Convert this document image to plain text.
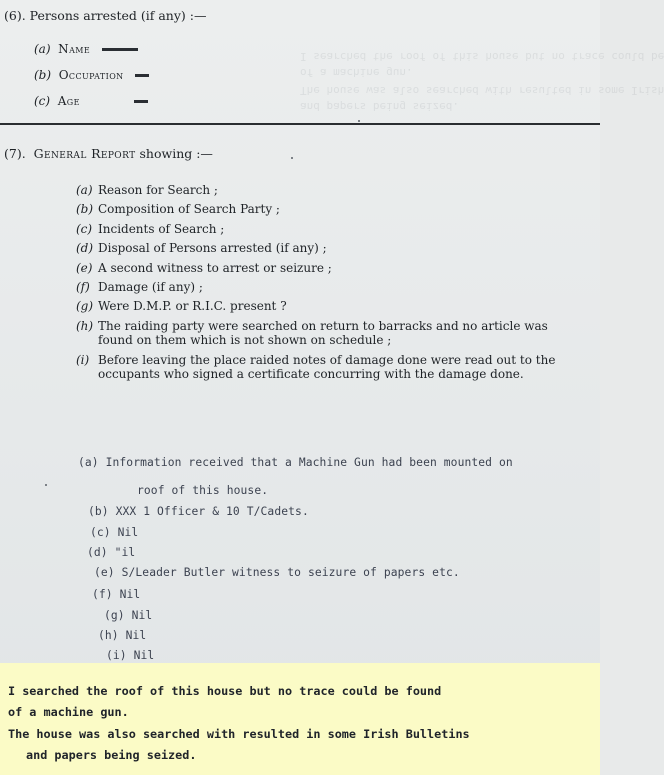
I searched the roof of this house but no trace could be
of a machine gun.
The house was also searched with resulted in some Irish
and papers being seized.
(6). Persons arrested (if any) :—
(a) Name
(b) Occupation
(c) Age
(7). General Report showing :—
(a) Reason for Search ;
(b) Composition of Search Party ;
(c) Incidents of Search ;
(d) Disposal of Persons arrested (if any) ;
(e) A second witness to arrest or seizure ;
(f) Damage (if any) ;
(g) Were D.M.P. or R.I.C. present ?
(h) The raiding party were searched on return to barracks and no article was found on them which is not shown on schedule ;
(i) Before leaving the place raided notes of damage done were read out to the occupants who signed a certificate concurring with the damage done.
(a) Information received that a Machine Gun had been mounted on
roof of this house.
(b) XXX 1 Officer & 10 T/Cadets.
(c) Nil
(d) "il
(e) S/Leader Butler witness to seizure of papers etc.
(f) Nil
(g) Nil
(h) Nil
(i) Nil
I searched the roof of this house but no trace could be found
of a machine gun.
The house was also searched with resulted in some Irish Bulletins
and papers being seized.
